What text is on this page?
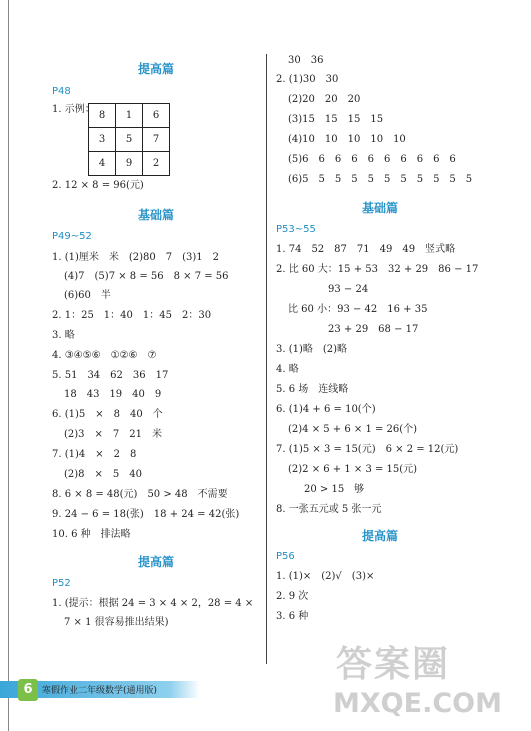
提高篇
P48
1. 示例：
8	1	6
3	5	7
4	9	2
2. 12 × 8 = 96(元)
基础篇
P49~52
1. (1)厘米　米　(2)80　7　(3)1　2
(4)7　(5)7 × 8 = 56　8 × 7 = 56
(6)60　半
2. 1：25　1：40　1：45　2：30
3. 略
4. ③④⑤⑥　①②⑥　⑦
5. 51　34　62　36　17
18　43　19　40　9
6. (1)5　×　8　40　个
(2)3　×　7　21　米
7. (1)4　×　2　8
(2)8　×　5　40
8. 6 × 8 = 48(元)　50 > 48　不需要
9. 24 − 6 = 18(张)　18 + 24 = 42(张)
10. 6 种　排法略
提高篇
P52
1. (提示：根据 24 = 3 × 4 × 2，28 = 4 ×
7 × 1 很容易推出结果)
30　36
2. (1)30　30
(2)20　20　20
(3)15　15　15　15
(4)10　10　10　10　10
(5)6　6　6　6　6　6　6　6　6　6
(6)5　5　5　5　5　5　5　5　5　5　5
基础篇
P53~55
1. 74　52　87　71　49　49　竖式略
2. 比 60 大：15 + 53　32 + 29　86 − 17
93 − 24
比 60 小：93 − 42　16 + 35
23 + 29　68 − 17
3. (1)略　(2)略
4. 略
5. 6 场　连线略
6. (1)4 + 6 = 10(个)
(2)4 × 5 + 6 × 1 = 26(个)
7. (1)5 × 3 = 15(元)　6 × 2 = 12(元)
(2)2 × 6 + 1 × 3 = 15(元)
20 > 15　够
8. 一张五元或 5 张一元
提高篇
P56
1. (1)×　(2)√　(3)×
2. 9 次
3. 6 种
6	寒假作业二年级数学(通用版)
答案圈
MXQE.COM
